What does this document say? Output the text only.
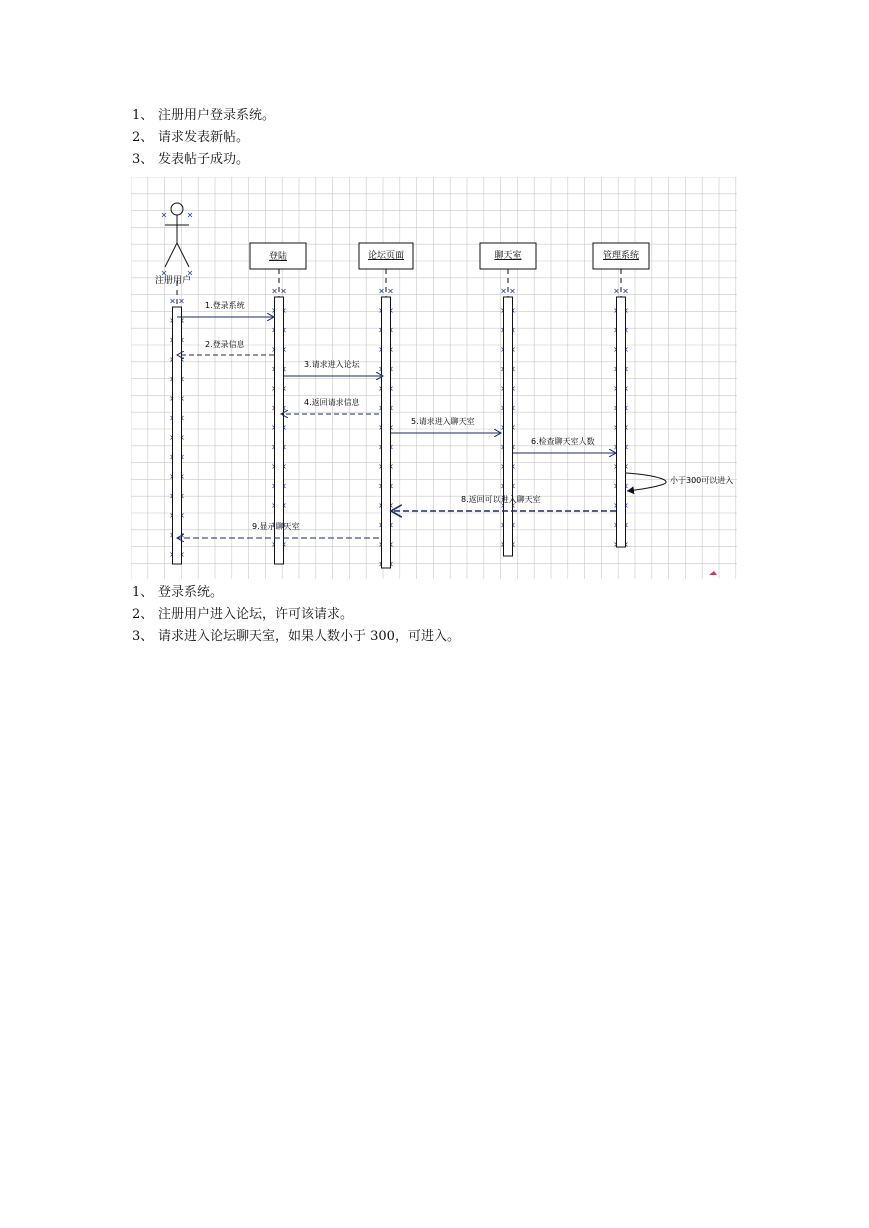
1、 注册用户登录系统。
2、 请求发表新帖。
3、 发表帖子成功。
注册用户
登陆	论坛页面	聊天室	管理系统
1.登录系统
2.登录信息
3.请求进入论坛
4.返回请求信息
5.请求进入聊天室
6.检查聊天室人数
小于300可以进入
8.返回可以进入聊天室
9.显示聊天室
1、 登录系统。
2、 注册用户进入论坛，许可该请求。
3、 请求进入论坛聊天室，如果人数小于 300，可进入。
